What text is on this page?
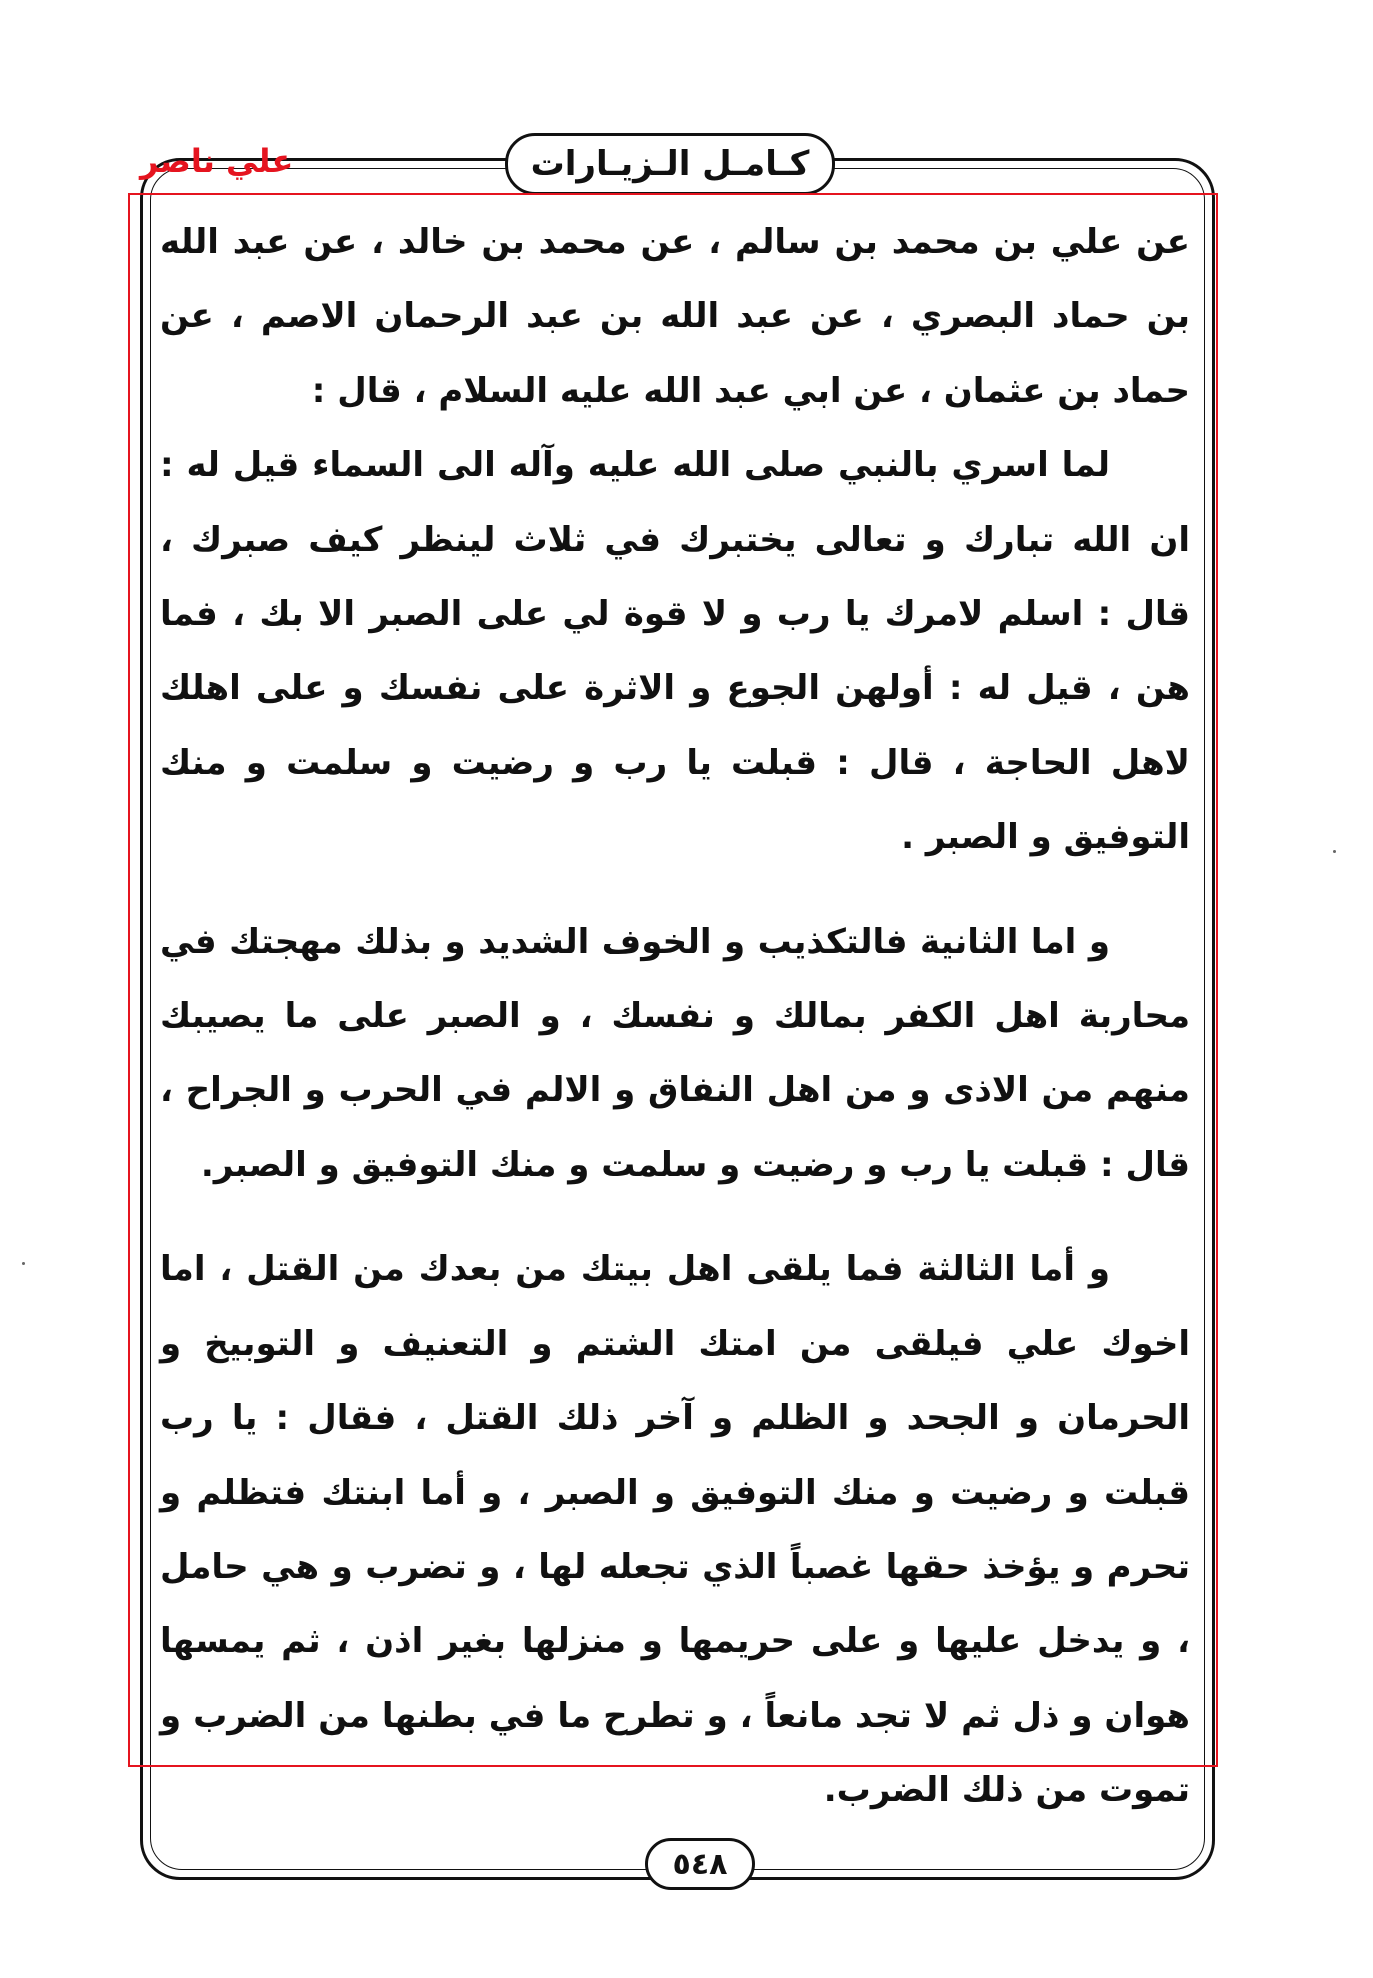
كـامـل الـزيـارات
علي ناصر

عن علي بن محمد بن سالم ، عن محمد بن خالد ، عن عبد الله بن حماد البصري ، عن عبد الله بن عبد الرحمان الاصم ، عن حماد بن عثمان ، عن ابي عبد الله عليه السلام ، قال :

لما اسري بالنبي صلى الله عليه وآله الى السماء قيل له : ان الله تبارك و تعالى يختبرك في ثلاث لينظر كيف صبرك ، قال : اسلم لامرك يا رب و لا قوة لي على الصبر الا بك ، فما هن ، قيل له : أولهن الجوع و الاثرة على نفسك و على اهلك لاهل الحاجة ، قال : قبلت يا رب و رضيت و سلمت و منك التوفيق و الصبر .

و اما الثانية فالتكذيب و الخوف الشديد و بذلك مهجتك في محاربة اهل الكفر بمالك و نفسك ، و الصبر على ما يصيبك منهم من الاذى و من اهل النفاق و الالم في الحرب و الجراح ، قال : قبلت يا رب و رضيت و سلمت و منك التوفيق و الصبر.

و أما الثالثة فما يلقى اهل بيتك من بعدك من القتل ، اما اخوك علي فيلقى من امتك الشتم و التعنيف و التوبيخ و الحرمان و الجحد و الظلم و آخر ذلك القتل ، فقال : يا رب قبلت و رضيت و منك التوفيق و الصبر ، و أما ابنتك فتظلم و تحرم و يؤخذ حقها غصباً الذي تجعله لها ، و تضرب و هي حامل ، و يدخل عليها و على حريمها و منزلها بغير اذن ، ثم يمسها هوان و ذل ثم لا تجد مانعاً ، و تطرح ما في بطنها من الضرب و تموت من ذلك الضرب.

٥٤٨
